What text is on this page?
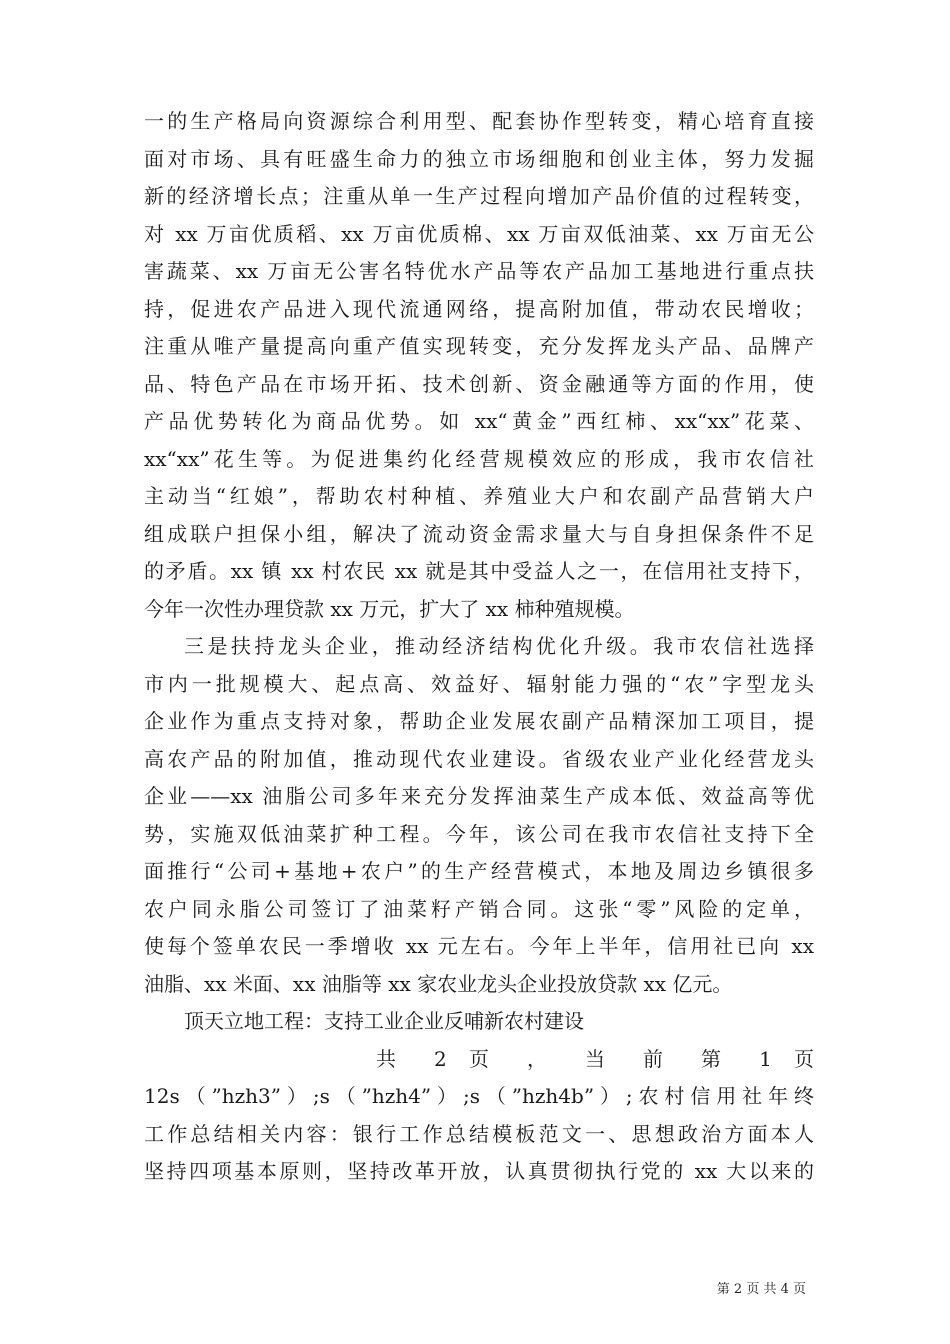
一的生产格局向资源综合利用型、配套协作型转变，精心培育直接
面对市场、具有旺盛生命力的独立市场细胞和创业主体，努力发掘
新的经济增长点；注重从单一生产过程向增加产品价值的过程转变，
对 xx 万亩优质稻、xx 万亩优质棉、xx 万亩双低油菜、xx 万亩无公
害蔬菜、xx 万亩无公害名特优水产品等农产品加工基地进行重点扶
持，促进农产品进入现代流通网络，提高附加值，带动农民增收；
注重从唯产量提高向重产值实现转变，充分发挥龙头产品、品牌产
品、特色产品在市场开拓、技术创新、资金融通等方面的作用，使
产品优势转化为商品优势。如 xx“黄金”西红柿、xx“xx”花菜、
xx“xx”花生等。为促进集约化经营规模效应的形成，我市农信社
主动当“红娘”，帮助农村种植、养殖业大户和农副产品营销大户
组成联户担保小组，解决了流动资金需求量大与自身担保条件不足
的矛盾。xx 镇 xx 村农民 xx 就是其中受益人之一，在信用社支持下，
今年一次性办理贷款 xx 万元，扩大了 xx 柿种殖规模。
三是扶持龙头企业，推动经济结构优化升级。我市农信社选择
市内一批规模大、起点高、效益好、辐射能力强的“农”字型龙头
企业作为重点支持对象，帮助企业发展农副产品精深加工项目，提
高农产品的附加值，推动现代农业建设。省级农业产业化经营龙头
企业——xx 油脂公司多年来充分发挥油菜生产成本低、效益高等优
势，实施双低油菜扩种工程。今年，该公司在我市农信社支持下全
面推行“公司+基地+农户”的生产经营模式，本地及周边乡镇很多
农户同永脂公司签订了油菜籽产销合同。这张“零”风险的定单，
使每个签单农民一季增收 xx 元左右。今年上半年，信用社已向 xx
油脂、xx 米面、xx 油脂等 xx 家农业龙头企业投放贷款 xx 亿元。
顶天立地工程：支持工业企业反哺新农村建设
共 2 页 ， 当 前 第 1 页
12s（”hzh3”）;s（”hzh4”）;s（”hzh4b”）;农村信用社年终
工作总结相关内容：银行工作总结模板范文一、思想政治方面本人
坚持四项基本原则，坚持改革开放，认真贯彻执行党的 xx 大以来的
第 2 页 共 4 页
